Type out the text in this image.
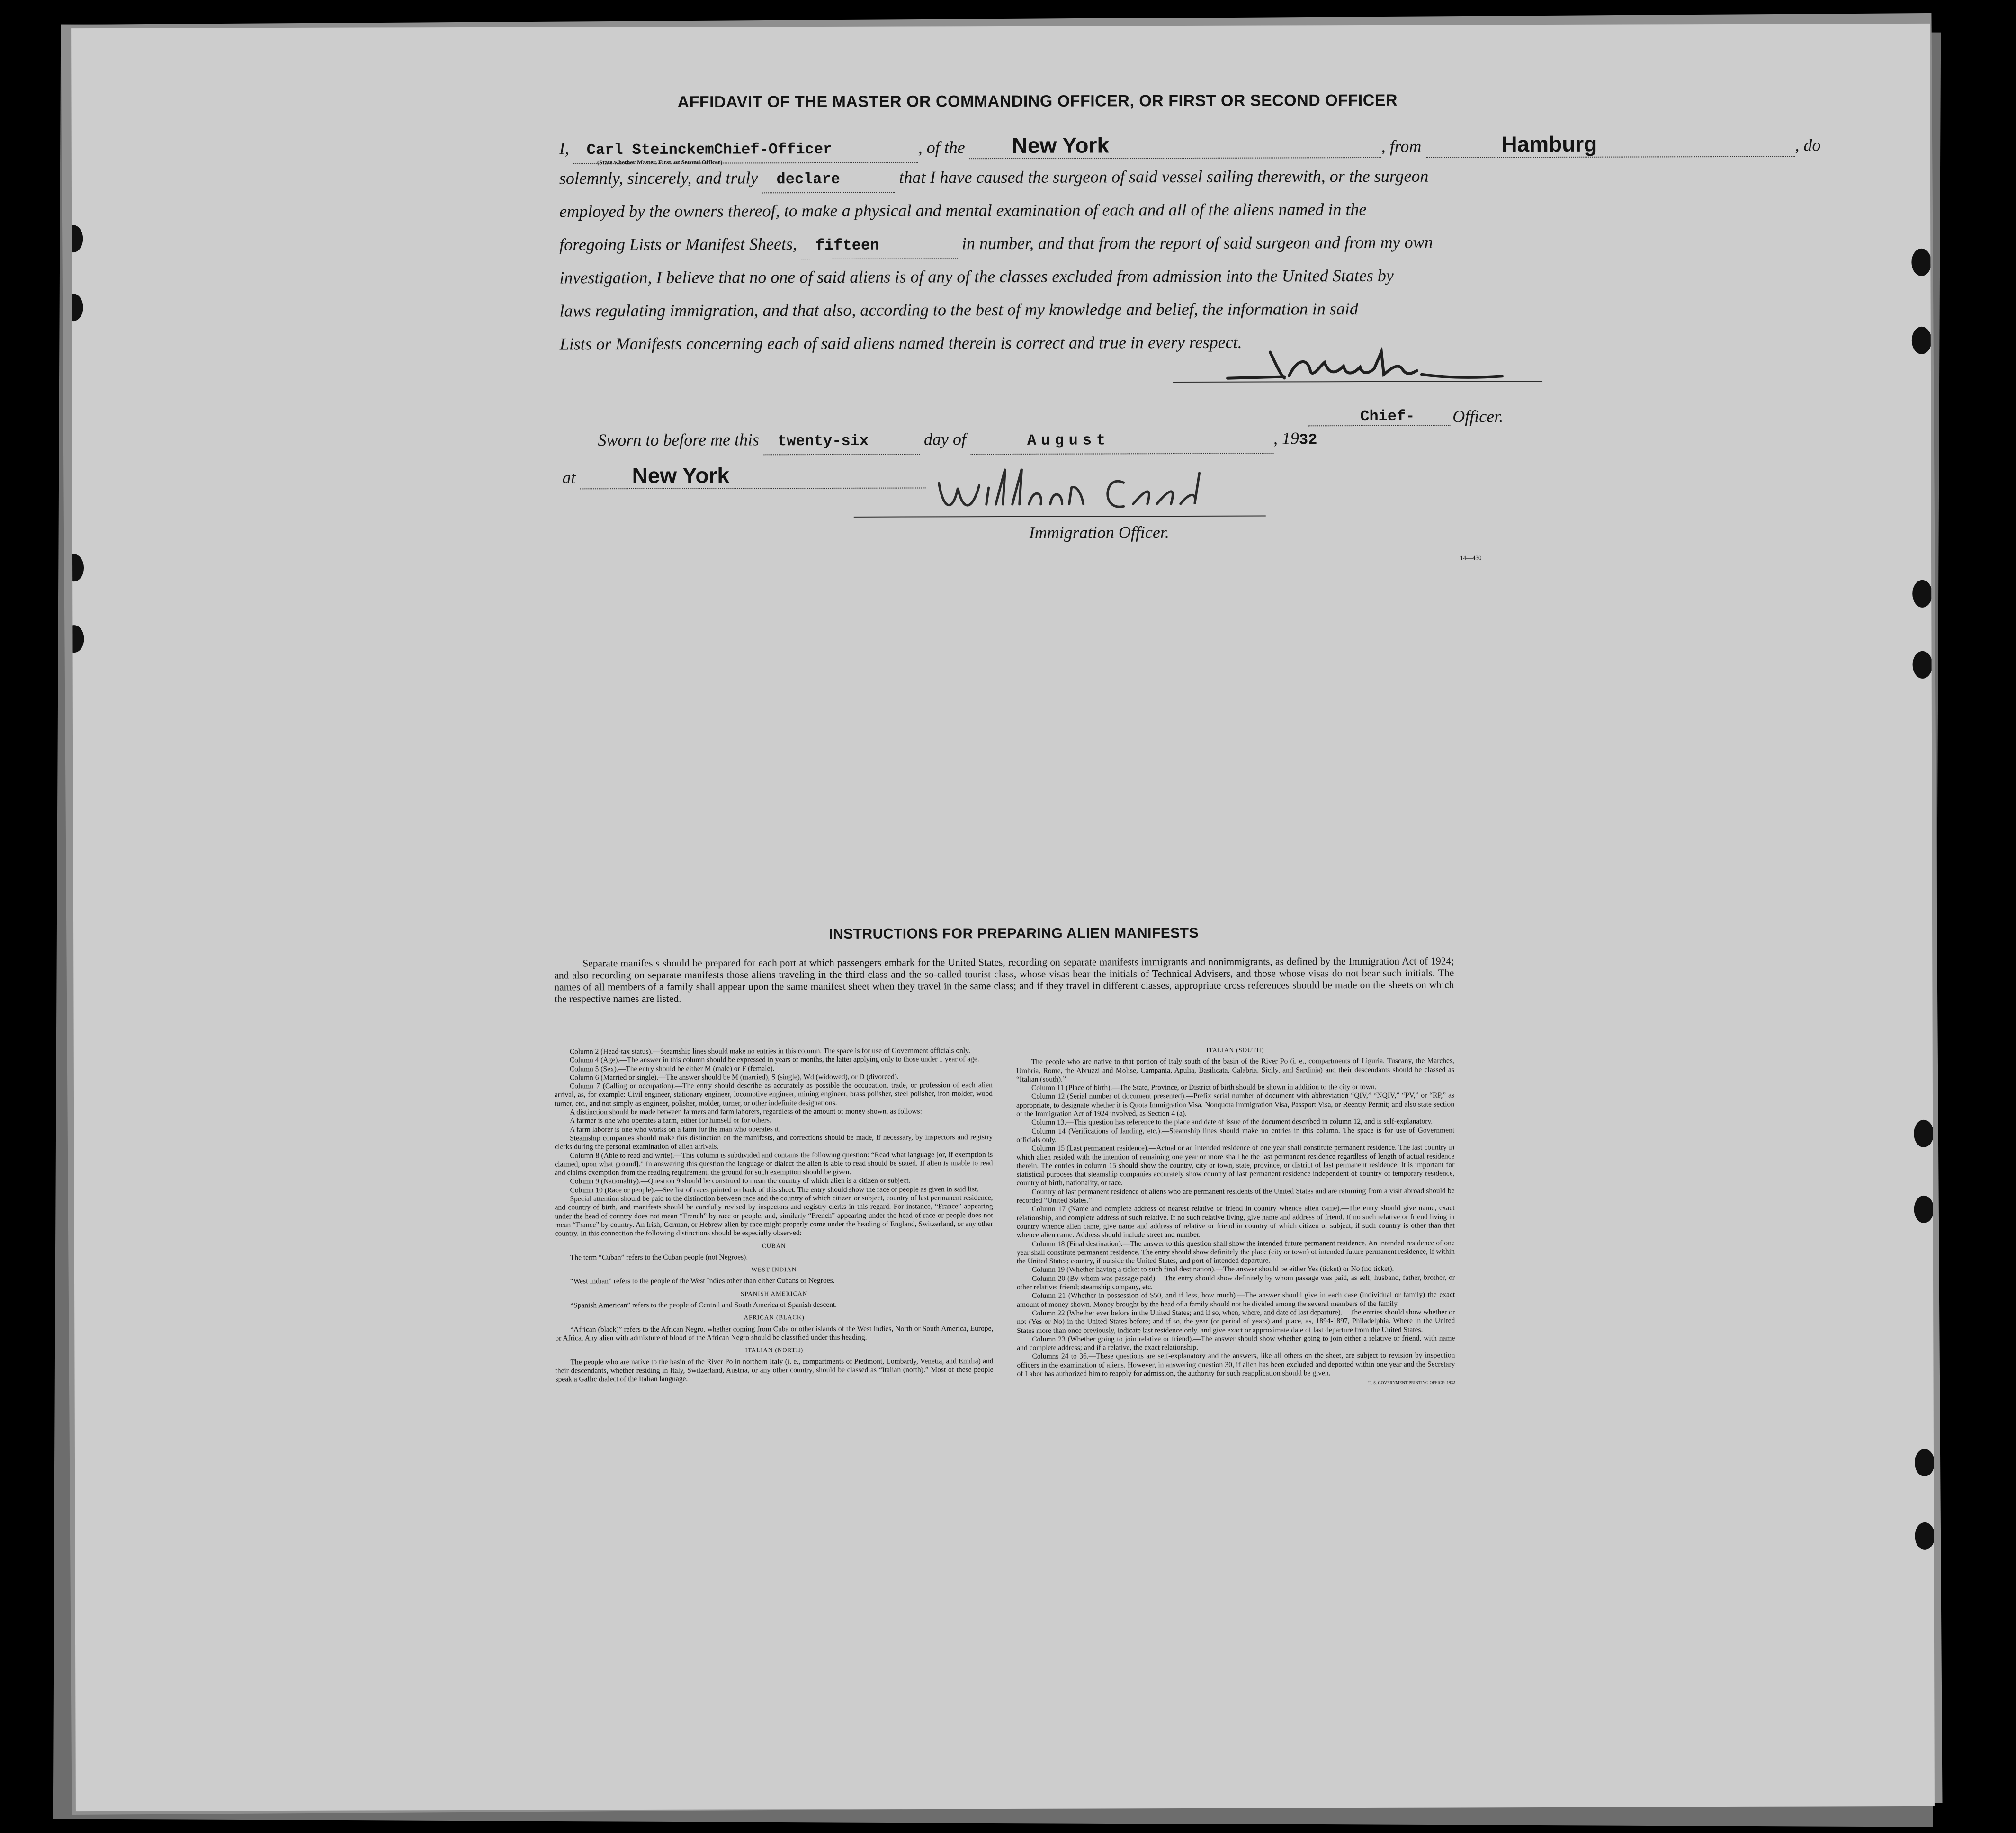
AFFIDAVIT OF THE MASTER OR COMMANDING OFFICER, OR FIRST OR SECOND OFFICER
I, Carl SteinckemChief-Officer	, of the New York	, from	Hamburg	, do
(State whether Master, First, or Second Officer)
solemnly, sincerely, and truly declare	that I have caused the surgeon of said vessel sailing therewith, or the surgeon
employed by the owners thereof, to make a physical and mental examination of each and all of the aliens named in the
foregoing Lists or Manifest Sheets, fifteen	in number, and that from the report of said surgeon and from my own
investigation, I believe that no one of said aliens is of any of the classes excluded from admission into the United States by
laws regulating immigration, and that also, according to the best of my knowledge and belief, the information in said
Lists or Manifests concerning each of said aliens named therein is correct and true in every respect.
Chief- Officer.
Sworn to before me this twenty-six	day of	August	, 1932
at	New York
Immigration Officer.
14—430
INSTRUCTIONS FOR PREPARING ALIEN MANIFESTS
Separate manifests should be prepared for each port at which passengers embark for the United States, recording on separate manifests immigrants and nonimmigrants, as defined by the Immigration Act of 1924; and also recording on separate manifests those aliens traveling in the third class and the so-called tourist class, whose visas bear the initials of Technical Advisers, and those whose visas do not bear such initials. The names of all members of a family shall appear upon the same manifest sheet when they travel in the same class; and if they travel in different classes, appropriate cross references should be made on the sheets on which the respective names are listed.

Column 2 (Head-tax status).—Steamship lines should make no entries in this column. The space is for use of Government officials only.

Column 4 (Age).—The answer in this column should be expressed in years or months, the latter applying only to those under 1 year of age.

Column 5 (Sex).—The entry should be either M (male) or F (female).

Column 6 (Married or single).—The answer should be M (married), S (single), Wd (widowed), or D (divorced).

Column 7 (Calling or occupation).—The entry should describe as accurately as possible the occupation, trade, or profession of each alien arrival, as, for example: Civil engineer, stationary engineer, locomotive engineer, mining engineer, brass polisher, steel polisher, iron molder, wood turner, etc., and not simply as engineer, polisher, molder, turner, or other indefinite designations.

A distinction should be made between farmers and farm laborers, regardless of the amount of money shown, as follows:

A farmer is one who operates a farm, either for himself or for others.

A farm laborer is one who works on a farm for the man who operates it.

Steamship companies should make this distinction on the manifests, and corrections should be made, if necessary, by inspectors and registry clerks during the personal examination of alien arrivals.

Column 8 (Able to read and write).—This column is subdivided and contains the following question: “Read what language [or, if exemption is claimed, upon what ground].” In answering this question the language or dialect the alien is able to read should be stated. If alien is unable to read and claims exemption from the reading requirement, the ground for such exemption should be given.

Column 9 (Nationality).—Question 9 should be construed to mean the country of which alien is a citizen or subject.

Column 10 (Race or people).—See list of races printed on back of this sheet. The entry should show the race or people as given in said list.

Special attention should be paid to the distinction between race and the country of which citizen or subject, country of last permanent residence, and country of birth, and manifests should be carefully revised by inspectors and registry clerks in this regard. For instance, “France” appearing under the head of country does not mean “French” by race or people, and, similarly “French” appearing under the head of race or people does not mean “France” by country. An Irish, German, or Hebrew alien by race might properly come under the heading of England, Switzerland, or any other country. In this connection the following distinctions should be especially observed:

CUBAN

The term “Cuban” refers to the Cuban people (not Negroes).

WEST INDIAN

“West Indian” refers to the people of the West Indies other than either Cubans or Negroes.

SPANISH AMERICAN

“Spanish American” refers to the people of Central and South America of Spanish descent.

AFRICAN (BLACK)

“African (black)” refers to the African Negro, whether coming from Cuba or other islands of the West Indies, North or South America, Europe, or Africa. Any alien with admixture of blood of the African Negro should be classified under this heading.

ITALIAN (NORTH)

The people who are native to the basin of the River Po in northern Italy (i. e., compartments of Piedmont, Lombardy, Venetia, and Emilia) and their descendants, whether residing in Italy, Switzerland, Austria, or any other country, should be classed as “Italian (north).” Most of these people speak a Gallic dialect of the Italian language.

ITALIAN (SOUTH)

The people who are native to that portion of Italy south of the basin of the River Po (i. e., compartments of Liguria, Tuscany, the Marches, Umbria, Rome, the Abruzzi and Molise, Campania, Apulia, Basilicata, Calabria, Sicily, and Sardinia) and their descendants should be classed as “Italian (south).”

Column 11 (Place of birth).—The State, Province, or District of birth should be shown in addition to the city or town.

Column 12 (Serial number of document presented).—Prefix serial number of document with abbreviation “QIV,” “NQIV,” “PV,” or “RP,” as appropriate, to designate whether it is Quota Immigration Visa, Nonquota Immigration Visa, Passport Visa, or Reentry Permit; and also state section of the Immigration Act of 1924 involved, as Section 4 (a).

Column 13.—This question has reference to the place and date of issue of the document described in column 12, and is self-explanatory.

Column 14 (Verifications of landing, etc.).—Steamship lines should make no entries in this column. The space is for use of Government officials only.

Column 15 (Last permanent residence).—Actual or an intended residence of one year shall constitute permanent residence. The last country in which alien resided with the intention of remaining one year or more shall be the last permanent residence regardless of length of actual residence therein. The entries in column 15 should show the country, city or town, state, province, or district of last permanent residence. It is important for statistical purposes that steamship companies accurately show country of last permanent residence independent of country of temporary residence, country of birth, nationality, or race.

Country of last permanent residence of aliens who are permanent residents of the United States and are returning from a visit abroad should be recorded “United States.”

Column 17 (Name and complete address of nearest relative or friend in country whence alien came).—The entry should give name, exact relationship, and complete address of such relative. If no such relative living, give name and address of friend. If no such relative or friend living in country whence alien came, give name and address of relative or friend in country of which citizen or subject, if such country is other than that whence alien came. Address should include street and number.

Column 18 (Final destination).—The answer to this question shall show the intended future permanent residence. An intended residence of one year shall constitute permanent residence. The entry should show definitely the place (city or town) of intended future permanent residence, if within the United States; country, if outside the United States, and port of intended departure.

Column 19 (Whether having a ticket to such final destination).—The answer should be either Yes (ticket) or No (no ticket).

Column 20 (By whom was passage paid).—The entry should show definitely by whom passage was paid, as self; husband, father, brother, or other relative; friend; steamship company, etc.

Column 21 (Whether in possession of $50, and if less, how much).—The answer should give in each case (individual or family) the exact amount of money shown. Money brought by the head of a family should not be divided among the several members of the family.

Column 22 (Whether ever before in the United States; and if so, when, where, and date of last departure).—The entries should show whether or not (Yes or No) in the United States before; and if so, the year (or period of years) and place, as, 1894-1897, Philadelphia. Where in the United States more than once previously, indicate last residence only, and give exact or approximate date of last departure from the United States.

Column 23 (Whether going to join relative or friend).—The answer should show whether going to join either a relative or friend, with name and complete address; and if a relative, the exact relationship.

Columns 24 to 36.—These questions are self-explanatory and the answers, like all others on the sheet, are subject to revision by inspection officers in the examination of aliens. However, in answering question 30, if alien has been excluded and deported within one year and the Secretary of Labor has authorized him to reapply for admission, the authority for such reapplication should be given.

U. S. GOVERNMENT PRINTING OFFICE: 1932
